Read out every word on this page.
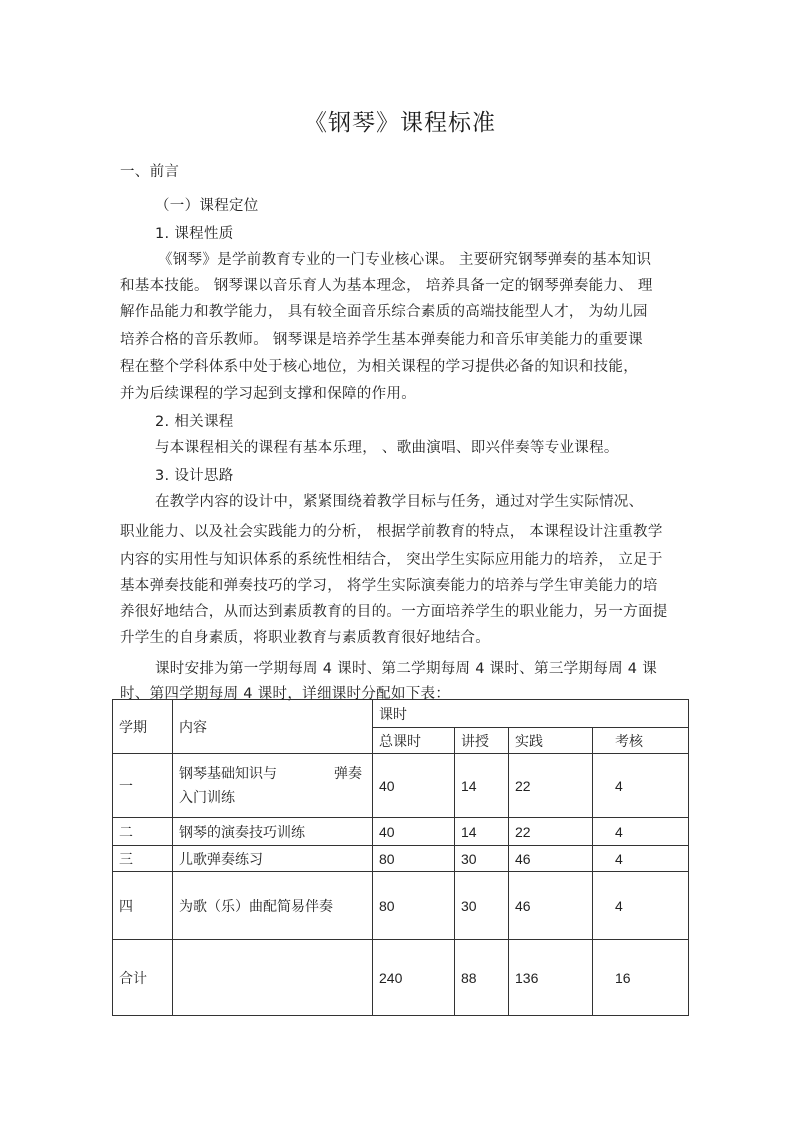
《钢琴》课程标准
一、前言
（一）课程定位
1. 课程性质
《钢琴》是学前教育专业的一门专业核心课。 主要研究钢琴弹奏的基本知识
和基本技能。 钢琴课以音乐育人为基本理念， 培养具备一定的钢琴弹奏能力、 理
解作品能力和教学能力， 具有较全面音乐综合素质的高端技能型人才， 为幼儿园
培养合格的音乐教师。 钢琴课是培养学生基本弹奏能力和音乐审美能力的重要课
程在整个学科体系中处于核心地位，为相关课程的学习提供必备的知识和技能，
并为后续课程的学习起到支撑和保障的作用。
2. 相关课程
与本课程相关的课程有基本乐理， 、歌曲演唱、即兴伴奏等专业课程。
3. 设计思路
在教学内容的设计中，紧紧围绕着教学目标与任务，通过对学生实际情况、
职业能力、以及社会实践能力的分析， 根据学前教育的特点， 本课程设计注重教学
内容的实用性与知识体系的系统性相结合， 突出学生实际应用能力的培养， 立足于
基本弹奏技能和弹奏技巧的学习， 将学生实际演奏能力的培养与学生审美能力的培
养很好地结合，从而达到素质教育的目的。一方面培养学生的职业能力，另一方面提
升学生的自身素质，将职业教育与素质教育很好地结合。
课时安排为第一学期每周 4 课时、第二学期每周 4 课时、第三学期每周 4 课
时、第四学期每周 4 课时，详细课时分配如下表：
学期	内容	课时			
		总课时	讲授	实践	考核
一	钢琴基础知识与 弹奏
入门训练	40	14	22	4
二	钢琴的演奏技巧训练	40	14	22	4
三	儿歌弹奏练习	80	30	46	4
四	为歌（乐）曲配简易伴奏	80	30	46	4
合计		240	88	136	16
